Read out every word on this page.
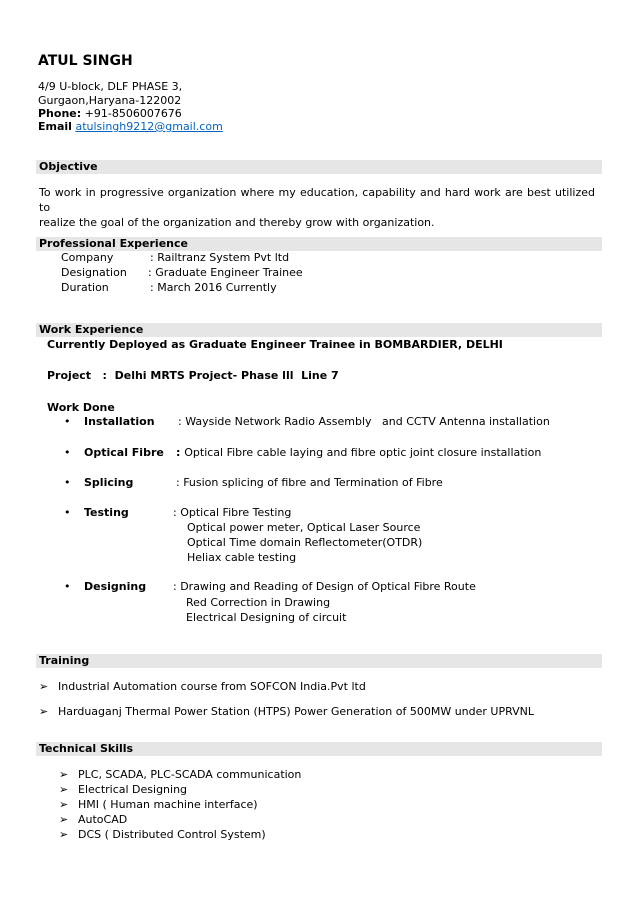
ATUL SINGH
4/9 U-block, DLF PHASE 3,
Gurgaon,Haryana-122002
Phone: +91-8506007676
Email atulsingh9212@gmail.com
Objective
To work in progressive organization where my education, capability and hard work are best utilized to
realize the goal of the organization and thereby grow with organization.
Professional Experience
Company	: Railtranz System Pvt ltd
Designation : Graduate Engineer Trainee
Duration	: March 2016 Currently
Work Experience
Currently Deployed as Graduate Engineer Trainee in BOMBARDIER, DELHI
Project   :  Delhi MRTS Project- Phase lll  Line 7
Work Done
• Installation : Wayside Network Radio Assembly   and CCTV Antenna installation
• Optical Fibre : Optical Fibre cable laying and fibre optic joint closure installation
• Splicing	: Fusion splicing of fibre and Termination of Fibre
• Testing	: Optical Fibre Testing
Optical power meter, Optical Laser Source
Optical Time domain Reflectometer(OTDR)
Heliax cable testing
• Designing : Drawing and Reading of Design of Optical Fibre Route
Red Correction in Drawing
Electrical Designing of circuit
Training
➢ Industrial Automation course from SOFCON India.Pvt ltd
➢ Harduaganj Thermal Power Station (HTPS) Power Generation of 500MW under UPRVNL
Technical Skills
➢ PLC, SCADA, PLC-SCADA communication
➢ Electrical Designing
➢ HMI ( Human machine interface)
➢ AutoCAD
➢ DCS ( Distributed Control System)
